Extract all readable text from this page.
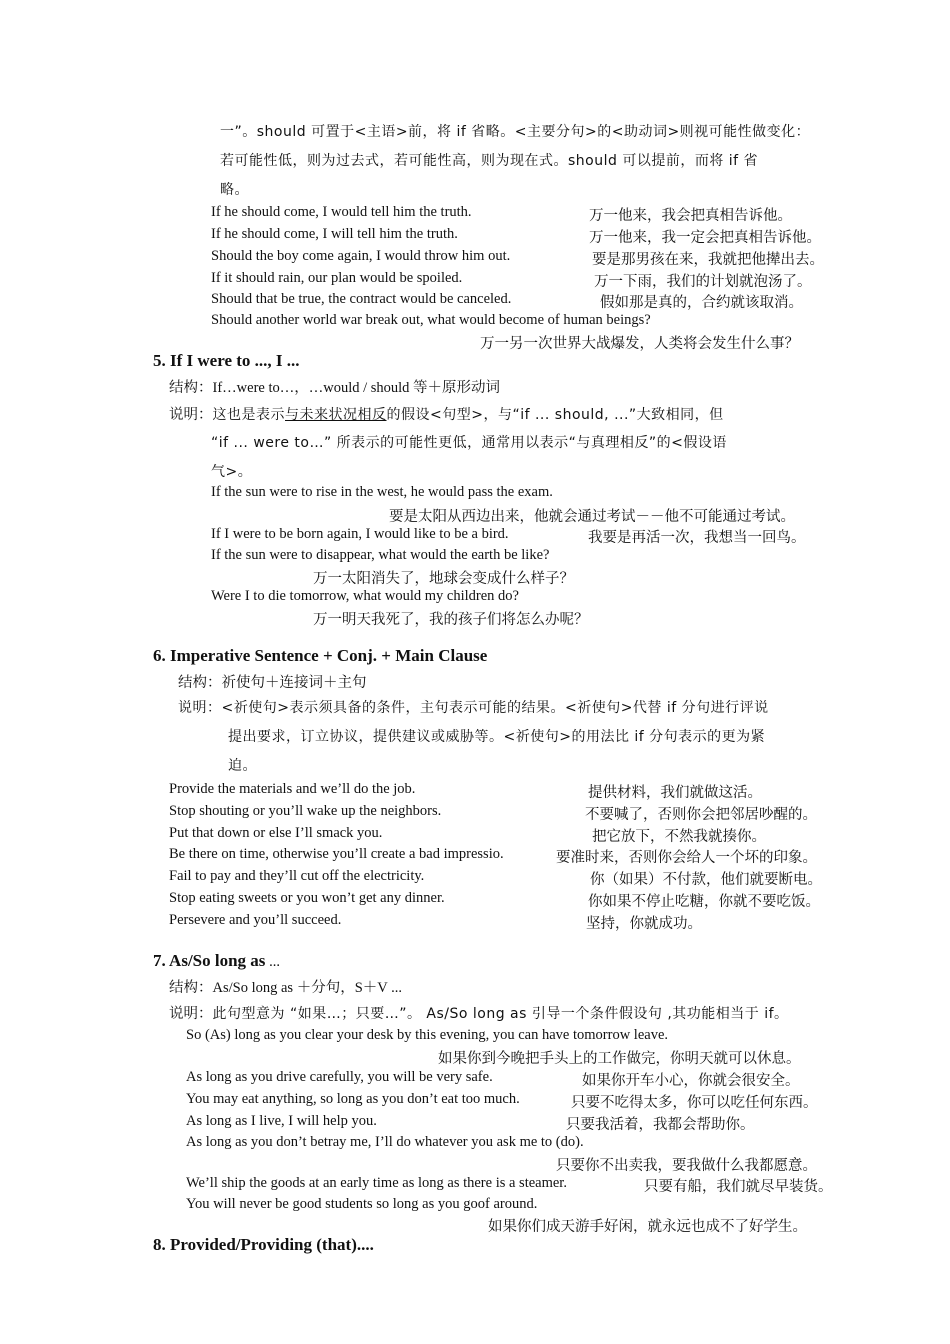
一”。should 可置于<主语>前，将 if 省略。<主要分句>的<助动词>则视可能性做变化：
若可能性低，则为过去式，若可能性高，则为现在式。should 可以提前，而将 if 省
略。
If he should come, I would tell him the truth.	万一他来，我会把真相告诉他。
If he should come, I will tell him the truth.	万一他来，我一定会把真相告诉他。
Should the boy come again, I would throw him out.	要是那男孩在来，我就把他撵出去。
If it should rain, our plan would be spoiled.	万一下雨，我们的计划就泡汤了。
Should that be true, the contract would be canceled.	假如那是真的，合约就该取消。
Should another world war break out, what would become of human beings?
万一另一次世界大战爆发，人类将会发生什么事？
5. If I were to ..., I ...
结构：If…were to…，…would / should 等＋原形动词
说明：这也是表示与未来状况相反的假设<句型>，与“if ... should, ...”大致相同，但
“if ... were to…” 所表示的可能性更低，通常用以表示“与真理相反”的<假设语
气>。
If the sun were to rise in the west, he would pass the exam.
要是太阳从西边出来，他就会通过考试－－他不可能通过考试。
If I were to be born again, I would like to be a bird.	我要是再活一次，我想当一回鸟。
If the sun were to disappear, what would the earth be like?
万一太阳消失了，地球会变成什么样子？
Were I to die tomorrow, what would my children do?
万一明天我死了，我的孩子们将怎么办呢？
6. Imperative Sentence + Conj. + Main Clause
结构：祈使句＋连接词＋主句
说明：<祈使句>表示须具备的条件，主句表示可能的结果。<祈使句>代替 if 分句进行评说
提出要求，订立协议，提供建议或威胁等。<祈使句>的用法比 if 分句表示的更为紧
迫。
Provide the materials and we’ll do the job.	提供材料，我们就做这活。
Stop shouting or you’ll wake up the neighbors.	不要喊了，否则你会把邻居吵醒的。
Put that down or else I’ll smack you.	把它放下，不然我就揍你。
Be there on time, otherwise you’ll create a bad impressio.	要准时来，否则你会给人一个坏的印象。
Fail to pay and they’ll cut off the electricity.	你（如果）不付款，他们就要断电。
Stop eating sweets or you won’t get any dinner.	你如果不停止吃糖，你就不要吃饭。
Persevere and you’ll succeed.	坚持，你就成功。
7. As/So long as ...
结构：As/So long as ＋分句，S＋V ...
说明：此句型意为 “如果…；只要…”。 As/So long as 引导一个条件假设句 ,其功能相当于 if。
So (As) long as you clear your desk by this evening, you can have tomorrow leave.
如果你到今晚把手头上的工作做完，你明天就可以休息。
As long as you drive carefully, you will be very safe.	如果你开车小心，你就会很安全。
You may eat anything, so long as you don’t eat too much.	只要不吃得太多，你可以吃任何东西。
As long as I live, I will help you.	只要我活着，我都会帮助你。
As long as you don’t betray me, I’ll do whatever you ask me to (do).
只要你不出卖我，要我做什么我都愿意。
We’ll ship the goods at an early time as long as there is a steamer.	只要有船，我们就尽早装货。
You will never be good students so long as you goof around.
如果你们成天游手好闲，就永远也成不了好学生。
8. Provided/Providing (that)....
